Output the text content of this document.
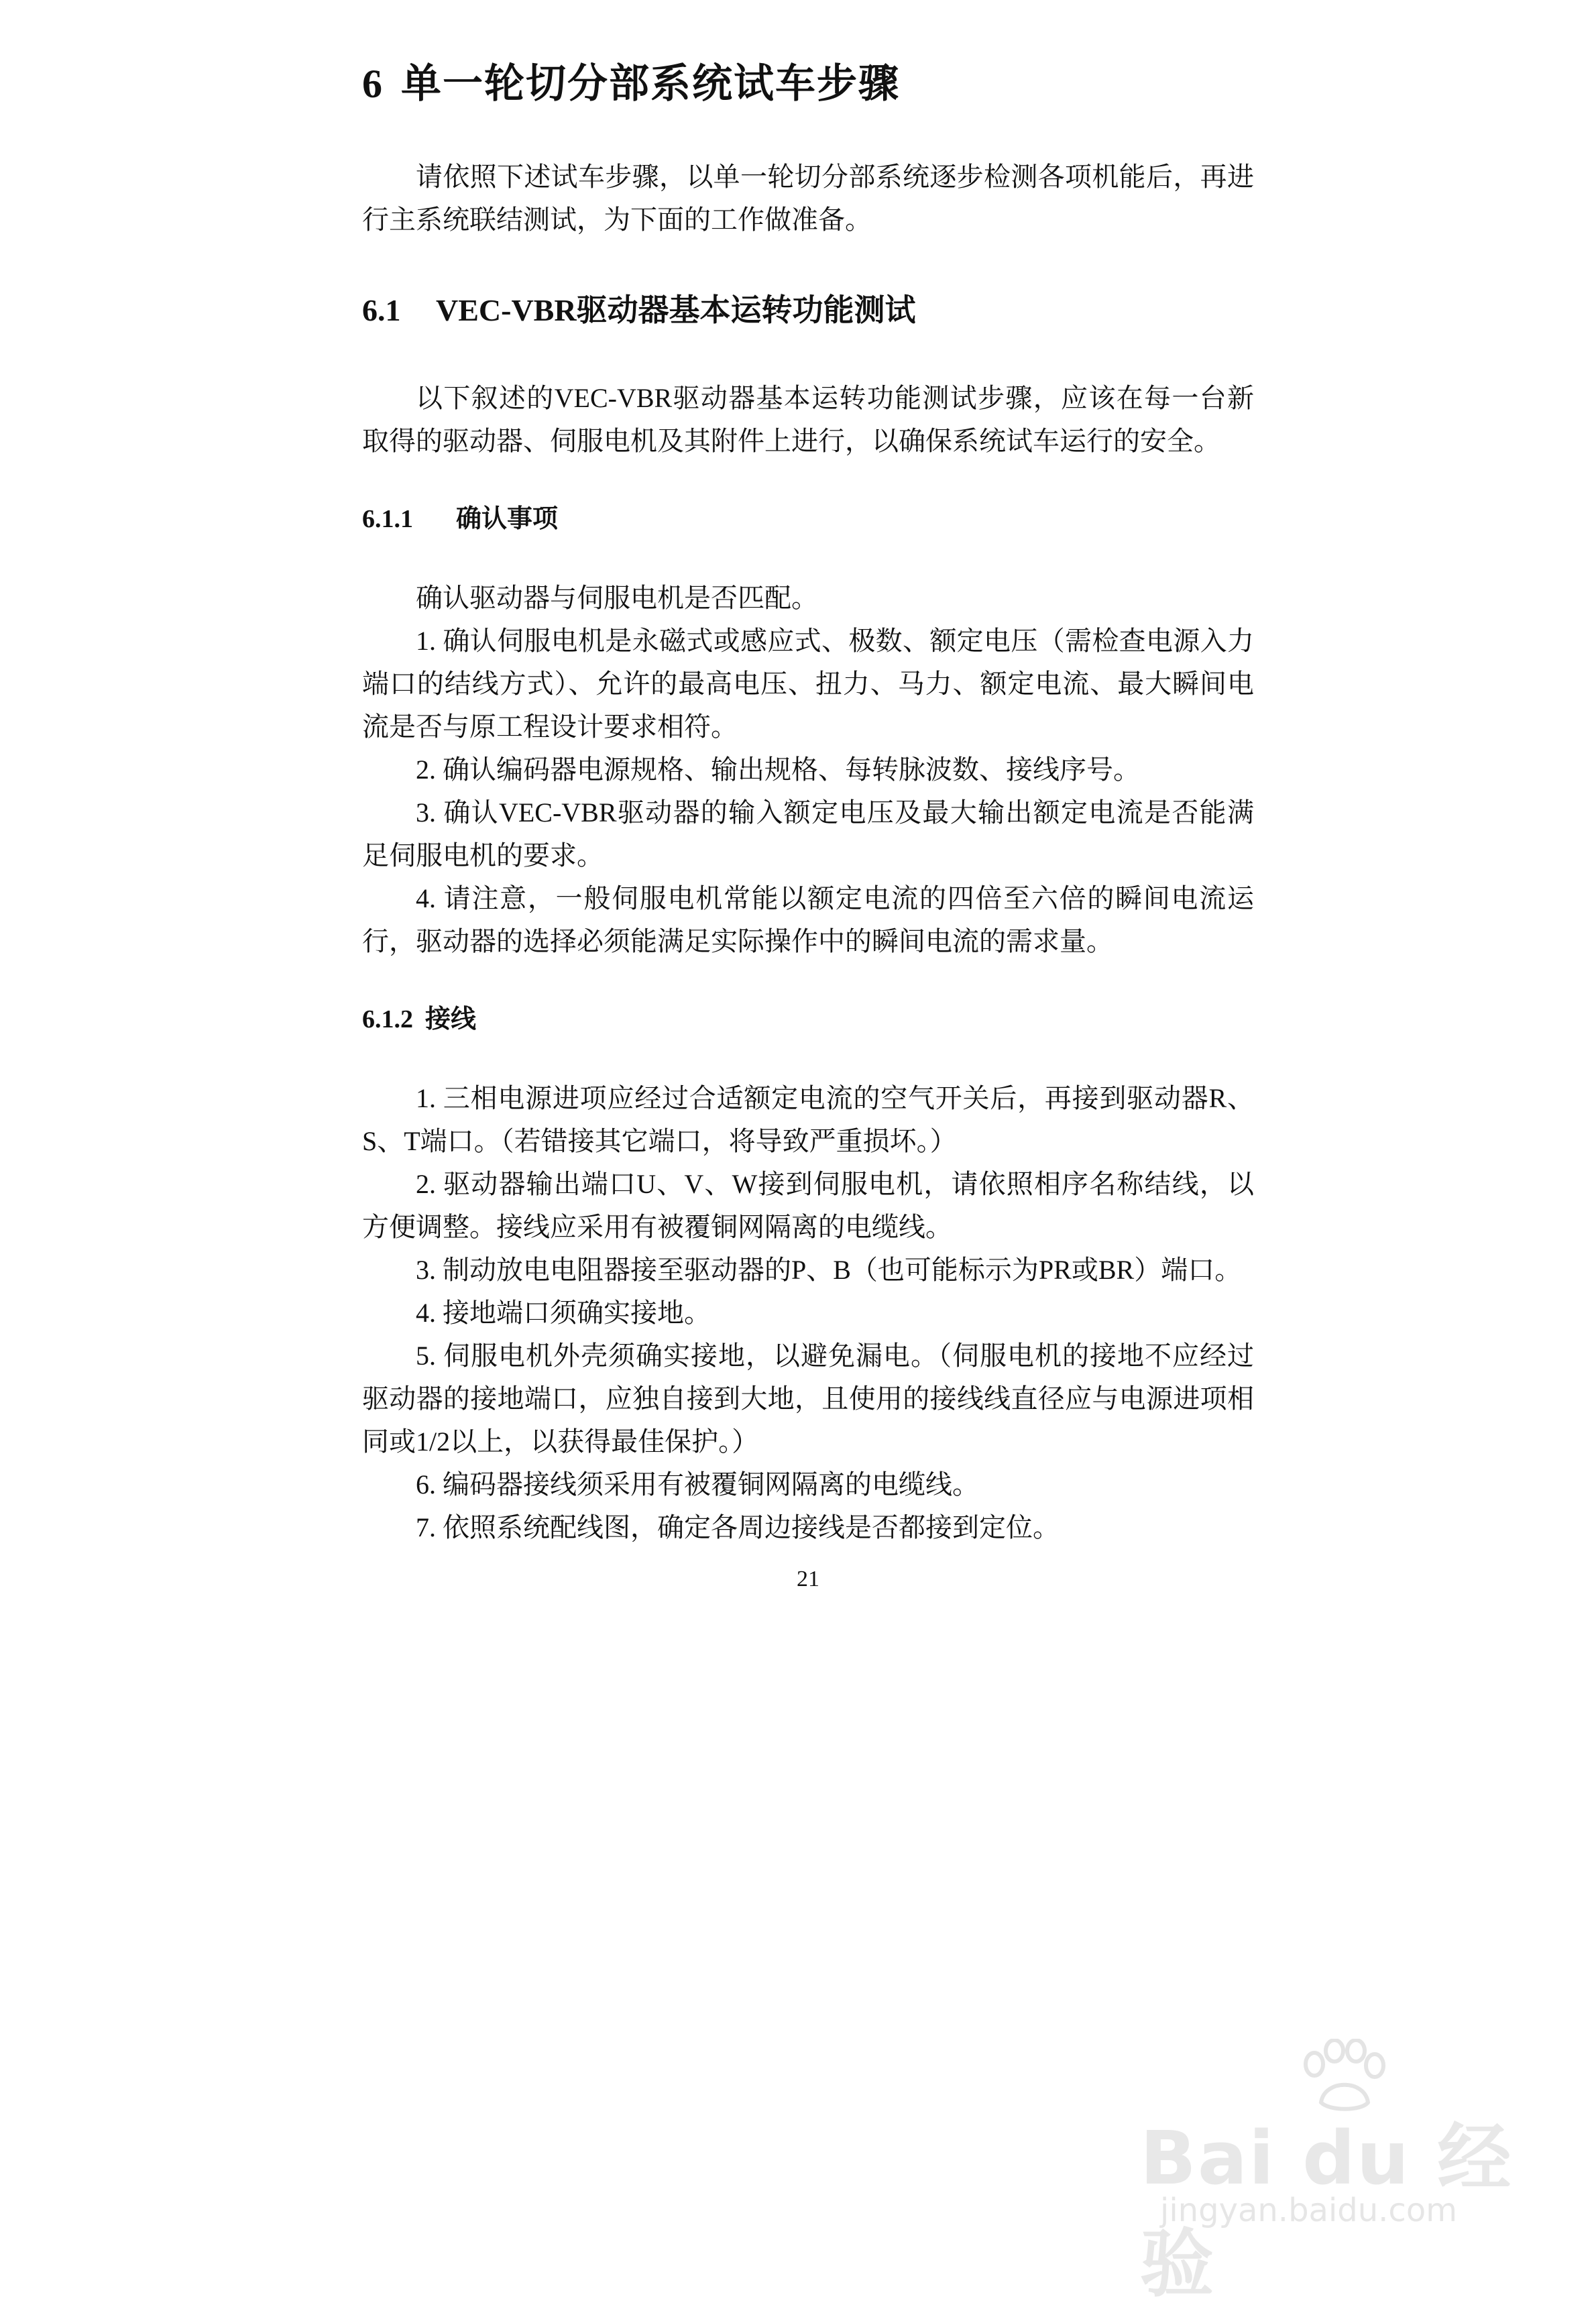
6 单一轮切分部系统试车步骤

请依照下述试车步骤，以单一轮切分部系统逐步检测各项机能后，再进行主系统联结测试，为下面的工作做准备。

6.1 VEC-VBR驱动器基本运转功能测试

以下叙述的VEC-VBR驱动器基本运转功能测试步骤，应该在每一台新取得的驱动器、伺服电机及其附件上进行，以确保系统试车运行的安全。

6.1.1 确认事项

确认驱动器与伺服电机是否匹配。

1. 确认伺服电机是永磁式或感应式、极数、额定电压（需检查电源入力端口的结线方式）、允许的最高电压、扭力、马力、额定电流、最大瞬间电流是否与原工程设计要求相符。

2. 确认编码器电源规格、输出规格、每转脉波数、接线序号。

3. 确认VEC-VBR驱动器的输入额定电压及最大输出额定电流是否能满足伺服电机的要求。

4. 请注意，一般伺服电机常能以额定电流的四倍至六倍的瞬间电流运行，驱动器的选择必须能满足实际操作中的瞬间电流的需求量。

6.1.2 接线

1. 三相电源进项应经过合适额定电流的空气开关后，再接到驱动器R、S、T端口。（若错接其它端口，将导致严重损坏。）

2. 驱动器输出端口U、V、W接到伺服电机，请依照相序名称结线，以方便调整。接线应采用有被覆铜网隔离的电缆线。

3. 制动放电电阻器接至驱动器的P、B（也可能标示为PR或BR）端口。

4. 接地端口须确实接地。

5. 伺服电机外壳须确实接地，以避免漏电。（伺服电机的接地不应经过驱动器的接地端口，应独自接到大地，且使用的接线线直径应与电源进项相同或1/2以上，以获得最佳保护。）

6. 编码器接线须采用有被覆铜网隔离的电缆线。

7. 依照系统配线图，确定各周边接线是否都接到定位。

21

Bai du 经验
jingyan.baidu.com
